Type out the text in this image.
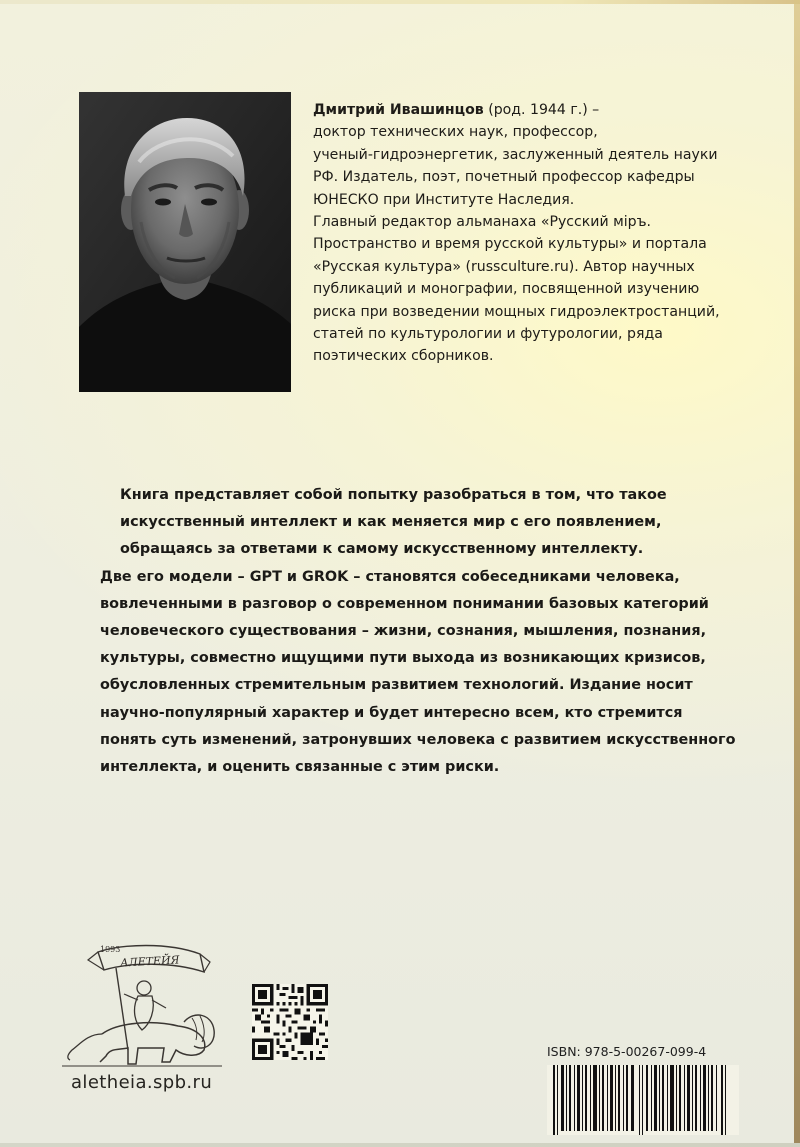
Дмитрий Ивашинцов (род. 1944 г.) –
доктор технических наук, профессор,
ученый-гидроэнергетик, заслуженный деятель науки
РФ. Издатель, поэт, почетный профессор кафедры
ЮНЕСКО при Институте Наследия.
Главный редактор альманаха «Русский міръ.
Пространство и время русской культуры» и портала
«Русская культура» (russculture.ru). Автор научных
публикаций и монографии, посвященной изучению
риска при возведении мощных гидроэлектростанций,
статей по культурологии и футурологии, ряда
поэтических сборников.
Книга представляет собой попытку разобраться в том, что такое
искусственный интеллект и как меняется мир с его появлением,
обращаясь за ответами к самому искусственному интеллекту.
Две его модели – GPT и GROK – становятся собеседниками человека,
вовлеченными в разговор о современном понимании базовых категорий
человеческого существования – жизни, сознания, мышления, познания,
культуры, совместно ищущими пути выхода из возникающих кризисов,
обусловленных стремительным развитием технологий. Издание носит
научно-популярный характер и будет интересно всем, кто стремится
понять суть изменений, затронувших человека с развитием искусственного
интеллекта, и оценить связанные с этим риски.
1993
АЛЕТЕЙЯ
ISBN: 978-5-00267-099-4
aletheia.spb.ru
